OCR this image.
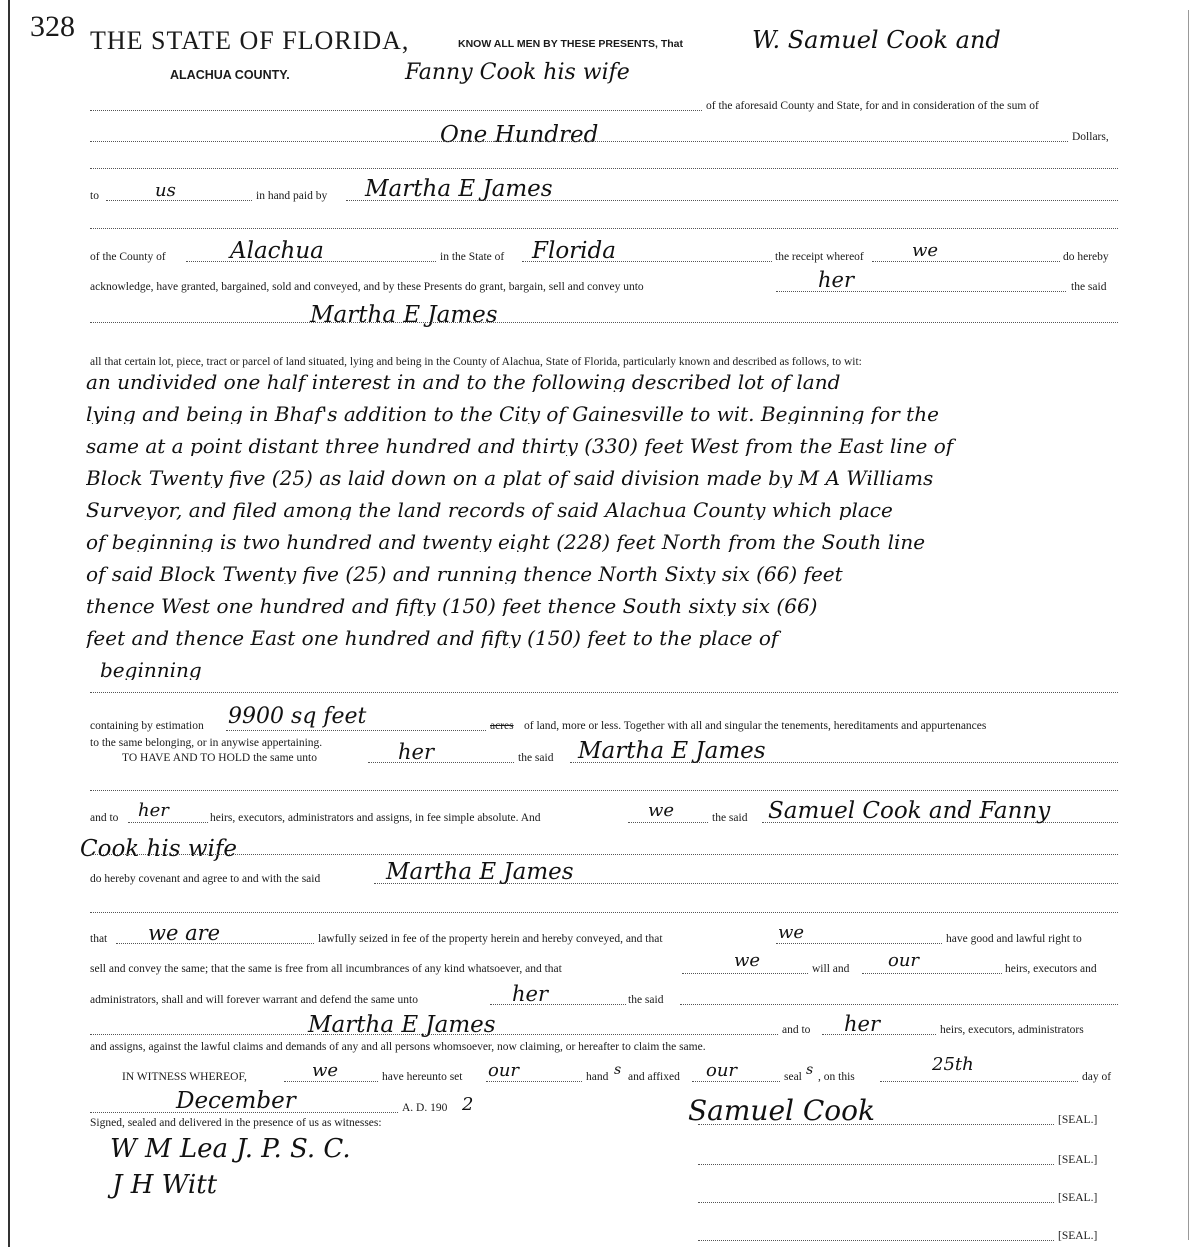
328 THE STATE OF FLORIDA,
ALACHUA COUNTY.
KNOW ALL MEN BY THESE PRESENTS, That	W. Samuel Cook and
Fanny Cook his wife
of the aforesaid County and State, for and in consideration of the sum of
One Hundred	Dollars,
to	us	in hand paid by Martha E James
of the County of	Alachua	in the State of Florida	the receipt whereof	we	do hereby
acknowledge, have granted, bargained, sold and conveyed, and by these Presents do grant, bargain, sell and convey unto	her	the said
Martha E James
all that certain lot, piece, tract or parcel of land situated, lying and being in the County of Alachua, State of Florida, particularly known and described as follows, to wit:
an undivided one half interest in and to the following described lot of land
lying and being in Bhaf's addition to the City of Gainesville to wit. Beginning for the
same at a point distant three hundred and thirty (330) feet West from the East line of
Block Twenty five (25) as laid down on a plat of said division made by M A Williams
Surveyor, and filed among the land records of said Alachua County which place
of beginning is two hundred and twenty eight (228) feet North from the South line
of said Block Twenty five (25) and running thence North Sixty six (66) feet
thence West one hundred and fifty (150) feet thence South sixty six (66)
feet and thence East one hundred and fifty (150) feet to the place of
beginning
containing by estimation 9900 sq feet	acres of land, more or less. Together with all and singular the tenements, hereditaments and appurtenances
to the same belonging, or in anywise appertaining.
TO HAVE AND TO HOLD the same unto	her	the said Martha E James
and to her	heirs, executors, administrators and assigns, in fee simple absolute. And	we	the said Samuel Cook and Fanny
Cook his wife
do hereby covenant and agree to and with the said	Martha E James
that we are	lawfully seized in fee of the property herein and hereby conveyed, and that	we	have good and lawful right to
sell and convey the same; that the same is free from all incumbrances of any kind whatsoever, and that	we	will and our	heirs, executors and
administrators, shall and will forever warrant and defend the same unto	her	the said
Martha E James	and to her	heirs, executors, administrators
and assigns, against the lawful claims and demands of any and all persons whomsoever, now claiming, or hereafter to claim the same.
IN WITNESS WHEREOF,	we	have hereunto set our	hand s and affixed our	seal s , on this
25th
day of
December	A. D. 190 2
Signed, sealed and delivered in the presence of us as witnesses:	Samuel Cook	[SEAL.]
[SEAL.]
[SEAL.]
[SEAL.]
W M Lea J. P. S. C.
J H Witt
